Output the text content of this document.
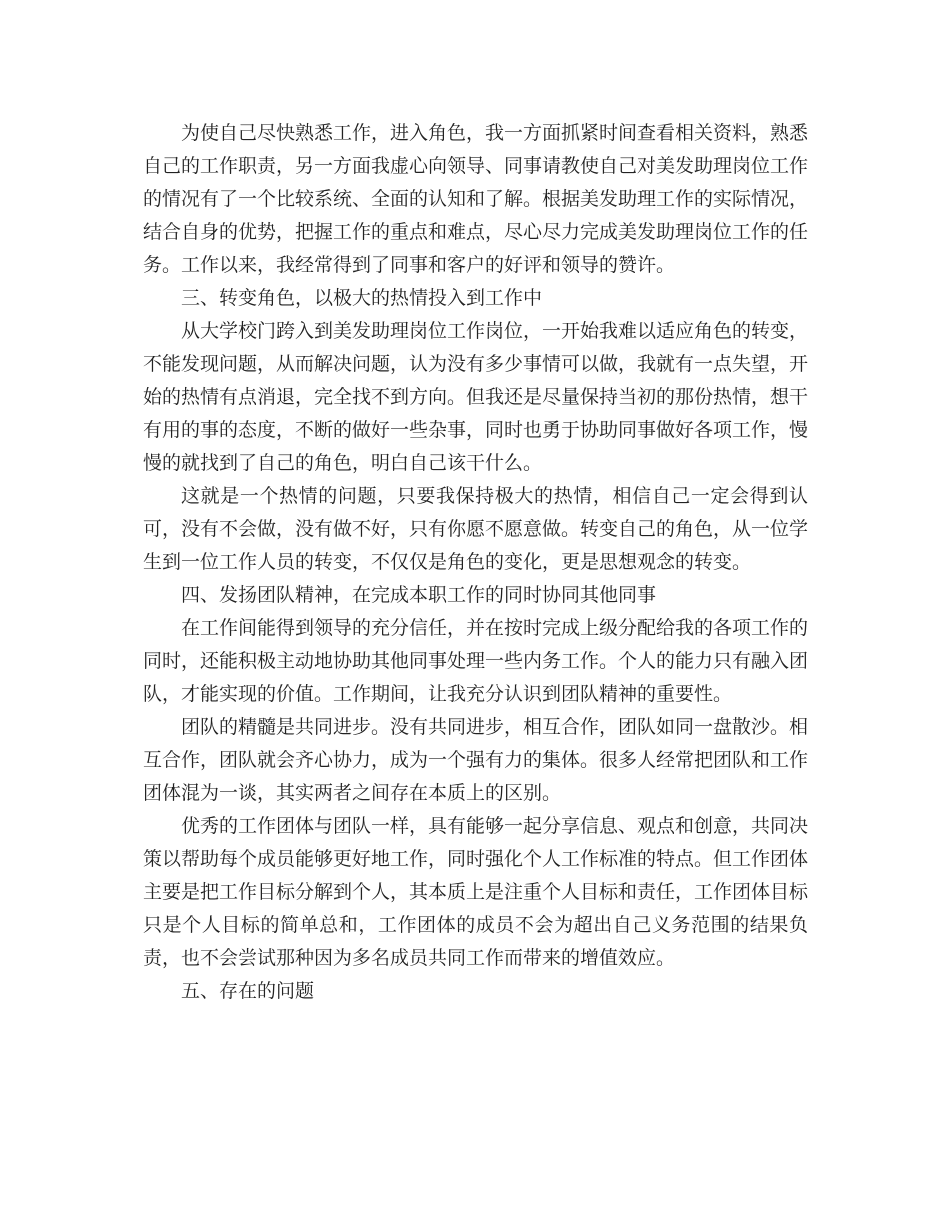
为使自己尽快熟悉工作，进入角色，我一方面抓紧时间查看相关资料，熟悉自己的工作职责，另一方面我虚心向领导、同事请教使自己对美发助理岗位工作的情况有了一个比较系统、全面的认知和了解。根据美发助理工作的实际情况，结合自身的优势，把握工作的重点和难点，尽心尽力完成美发助理岗位工作的任务。工作以来，我经常得到了同事和客户的好评和领导的赞许。

三、转变角色，以极大的热情投入到工作中

从大学校门跨入到美发助理岗位工作岗位，一开始我难以适应角色的转变，不能发现问题，从而解决问题，认为没有多少事情可以做，我就有一点失望，开始的热情有点消退，完全找不到方向。但我还是尽量保持当初的那份热情，想干有用的事的态度，不断的做好一些杂事，同时也勇于协助同事做好各项工作，慢慢的就找到了自己的角色，明白自己该干什么。

这就是一个热情的问题，只要我保持极大的热情，相信自己一定会得到认可，没有不会做，没有做不好，只有你愿不愿意做。转变自己的角色，从一位学生到一位工作人员的转变，不仅仅是角色的变化，更是思想观念的转变。

四、发扬团队精神，在完成本职工作的同时协同其他同事

在工作间能得到领导的充分信任，并在按时完成上级分配给我的各项工作的同时，还能积极主动地协助其他同事处理一些内务工作。个人的能力只有融入团队，才能实现的价值。工作期间，让我充分认识到团队精神的重要性。

团队的精髓是共同进步。没有共同进步，相互合作，团队如同一盘散沙。相互合作，团队就会齐心协力，成为一个强有力的集体。很多人经常把团队和工作团体混为一谈，其实两者之间存在本质上的区别。

优秀的工作团体与团队一样，具有能够一起分享信息、观点和创意，共同决策以帮助每个成员能够更好地工作，同时强化个人工作标准的特点。但工作团体主要是把工作目标分解到个人，其本质上是注重个人目标和责任，工作团体目标只是个人目标的简单总和，工作团体的成员不会为超出自己义务范围的结果负责，也不会尝试那种因为多名成员共同工作而带来的增值效应。

五、存在的问题
